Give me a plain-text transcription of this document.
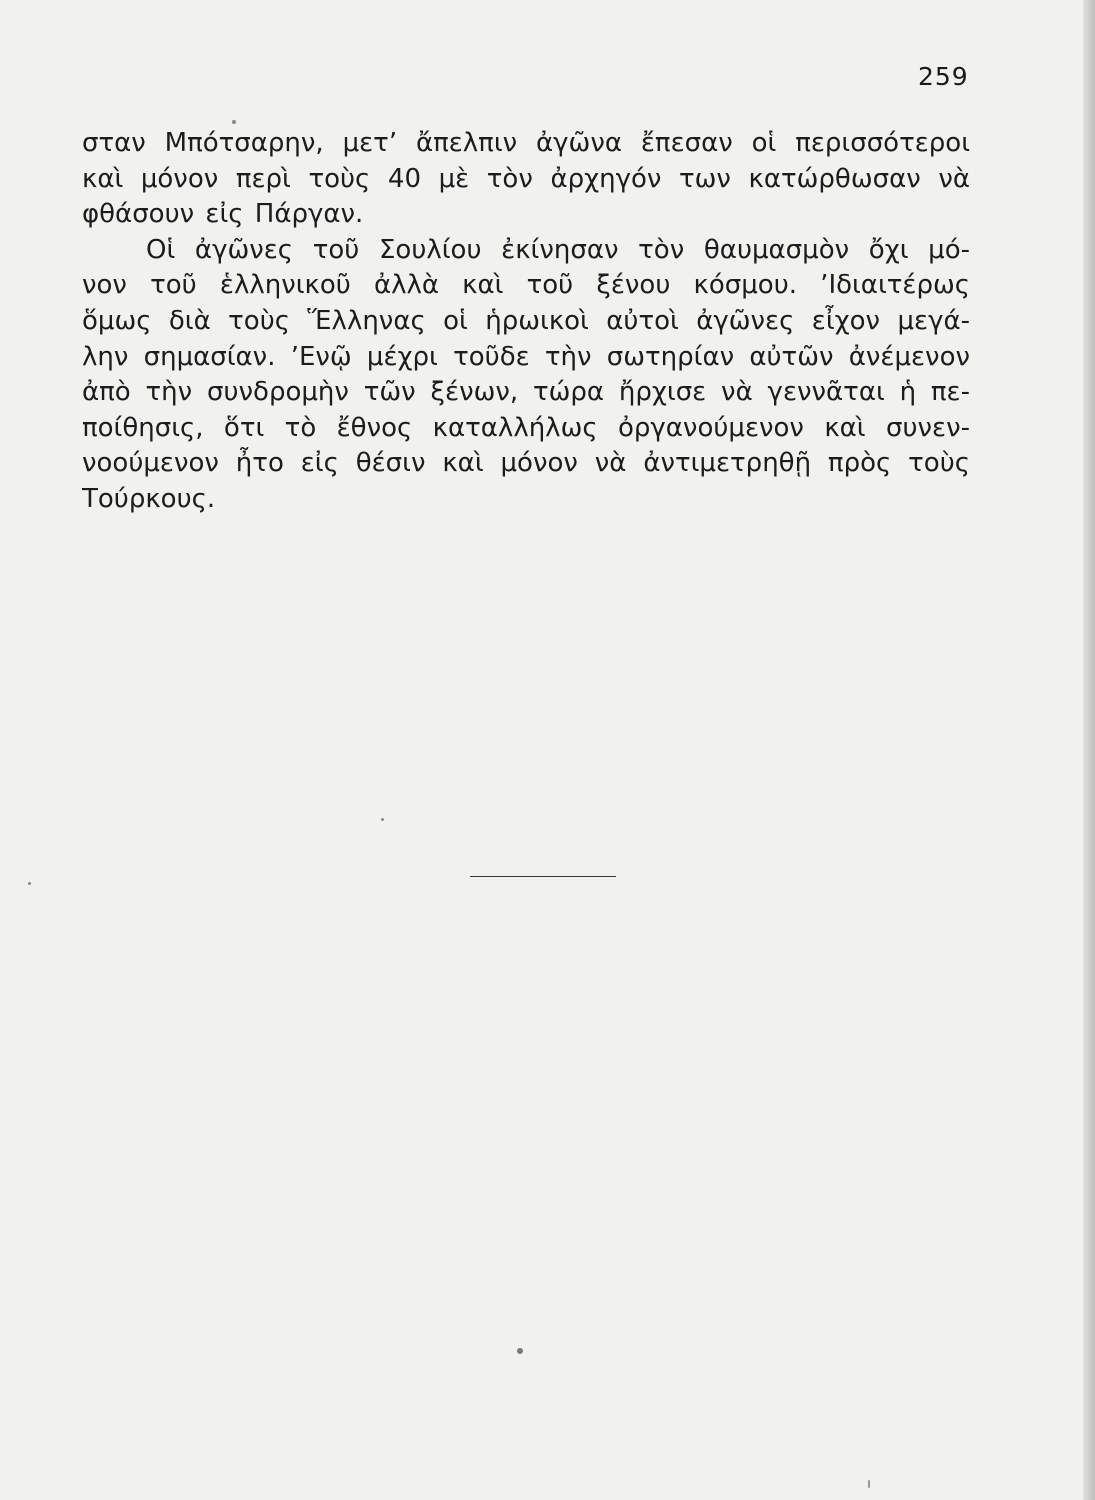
259
σταν Μπότσαρην, μετ’ ἄπελπιν ἀγῶνα ἔπεσαν οἱ περισσότεροι
καὶ μόνον περὶ τοὺς 40 μὲ τὸν ἀρχηγόν των κατώρθωσαν νὰ
φθάσουν εἰς Πάργαν.
Οἱ ἀγῶνες τοῦ Σουλίου ἐκίνησαν τὸν θαυμασμὸν ὄχι μό-
νον τοῦ ἑλληνικοῦ ἀλλὰ καὶ τοῦ ξένου κόσμου. ’Ιδιαιτέρως
ὅμως διὰ τοὺς Ἕλληνας οἱ ἡρωικοὶ αὐτοὶ ἀγῶνες εἶχον μεγά-
λην σημασίαν. ’Ενῷ μέχρι τοῦδε τὴν σωτηρίαν αὐτῶν ἀνέμενον
ἀπὸ τὴν συνδρομὴν τῶν ξένων, τώρα ἤρχισε νὰ γεννᾶται ἡ πε-
ποίθησις, ὅτι τὸ ἔθνος καταλλήλως ὀργανούμενον καὶ συνεν-
νοούμενον ἦτο εἰς θέσιν καὶ μόνον νὰ ἀντιμετρηθῇ πρὸς τοὺς
Τούρκους.
